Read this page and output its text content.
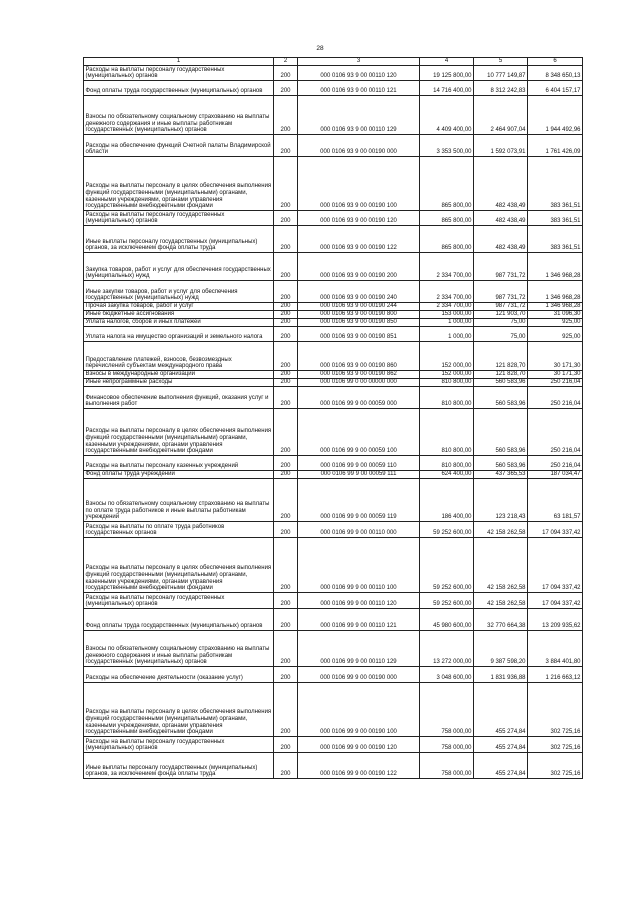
28
1	2	3	4	5	6
Расходы на выплаты персоналу государственных (муниципальных) органов	200	000 0106 93 9 00 00110 120	19 125 800,00	10 777 149,87	8 348 650,13
Фонд оплаты труда государственных (муниципальных) органов	200	000 0106 93 9 00 00110 121	14 716 400,00	8 312 242,83	6 404 157,17
Взносы по обязательному социальному страхованию на выплаты денежного содержания и иные выплаты работникам государственных (муниципальных) органов	200	000 0106 93 9 00 00110 129	4 409 400,00	2 464 907,04	1 944 492,96
Расходы на обеспечение функций Счетной палаты Владимирской области	200	000 0106 93 9 00 00190 000	3 353 500,00	1 592 073,91	1 761 426,09
Расходы на выплаты персоналу в целях обеспечения выполнения функций государственными (муниципальными) органами, казенными учреждениями, органами управления государственными внебюджетными фондами	200	000 0106 93 9 00 00190 100	865 800,00	482 438,49	383 361,51
Расходы на выплаты персоналу государственных (муниципальных) органов	200	000 0106 93 9 00 00190 120	865 800,00	482 438,49	383 361,51
Иные выплаты персоналу государственных (муниципальных) органов, за исключением фонда оплаты труда	200	000 0106 93 9 00 00190 122	865 800,00	482 438,49	383 361,51
Закупка товаров, работ и услуг для обеспечения государственных (муниципальных) нужд	200	000 0106 93 9 00 00190 200	2 334 700,00	987 731,72	1 346 968,28
Иные закупки товаров, работ и услуг для обеспечения государственных (муниципальных) нужд	200	000 0106 93 9 00 00190 240	2 334 700,00	987 731,72	1 346 968,28
Прочая закупка товаров, работ и услуг	200	000 0106 93 9 00 00190 244	2 334 700,00	987 731,72	1 346 968,28
Иные бюджетные ассигнования	200	000 0106 93 9 00 00190 800	153 000,00	121 903,70	31 096,30
Уплата налогов, сборов и иных платежей	200	000 0106 93 9 00 00190 850	1 000,00	75,00	925,00
Уплата налога на имущество организаций и земельного налога	200	000 0106 93 9 00 00190 851	1 000,00	75,00	925,00
Предоставление платежей, взносов, безвозмездных перечислений субъектам международного права	200	000 0106 93 9 00 00190 860	152 000,00	121 828,70	30 171,30
Взносы в международные организации	200	000 0106 93 9 00 00190 862	152 000,00	121 828,70	30 171,30
Иные непрограммные расходы	200	000 0106 99 0 00 00000 000	810 800,00	560 583,96	250 216,04
Финансовое обеспечение выполнения функций, оказания услуг и выполнения работ	200	000 0106 99 9 00 00059 000	810 800,00	560 583,96	250 216,04
Расходы на выплаты персоналу в целях обеспечения выполнения функций государственными (муниципальными) органами, казенными учреждениями, органами управления государственными внебюджетными фондами	200	000 0106 99 9 00 00059 100	810 800,00	560 583,96	250 216,04
Расходы на выплаты персоналу казенных учреждений	200	000 0106 99 9 00 00059 110	810 800,00	560 583,96	250 216,04
Фонд оплаты труда учреждений	200	000 0106 99 9 00 00059 111	624 400,00	437 365,53	187 034,47
Взносы по обязательному социальному страхованию на выплаты по оплате труда работников и иные выплаты работникам учреждений	200	000 0106 99 9 00 00059 119	186 400,00	123 218,43	63 181,57
Расходы на выплаты по оплате труда работников государственных органов	200	000 0106 99 9 00 00110 000	59 252 600,00	42 158 262,58	17 094 337,42
Расходы на выплаты персоналу в целях обеспечения выполнения функций государственными (муниципальными) органами, казенными учреждениями, органами управления государственными внебюджетными фондами	200	000 0106 99 9 00 00110 100	59 252 600,00	42 158 262,58	17 094 337,42
Расходы на выплаты персоналу государственных (муниципальных) органов	200	000 0106 99 9 00 00110 120	59 252 600,00	42 158 262,58	17 094 337,42
Фонд оплаты труда государственных (муниципальных) органов	200	000 0106 99 9 00 00110 121	45 980 600,00	32 770 664,38	13 209 935,62
Взносы по обязательному социальному страхованию на выплаты денежного содержания и иные выплаты работникам государственных (муниципальных) органов	200	000 0106 99 9 00 00110 129	13 272 000,00	9 387 598,20	3 884 401,80
Расходы на обеспечение деятельности (оказание услуг)	200	000 0106 99 9 00 00190 000	3 048 600,00	1 831 936,88	1 216 663,12
Расходы на выплаты персоналу в целях обеспечения выполнения функций государственными (муниципальными) органами, казенными учреждениями, органами управления государственными внебюджетными фондами	200	000 0106 99 9 00 00190 100	758 000,00	455 274,84	302 725,16
Расходы на выплаты персоналу государственных (муниципальных) органов	200	000 0106 99 9 00 00190 120	758 000,00	455 274,84	302 725,16
Иные выплаты персоналу государственных (муниципальных) органов, за исключением фонда оплаты труда	200	000 0106 99 9 00 00190 122	758 000,00	455 274,84	302 725,16
